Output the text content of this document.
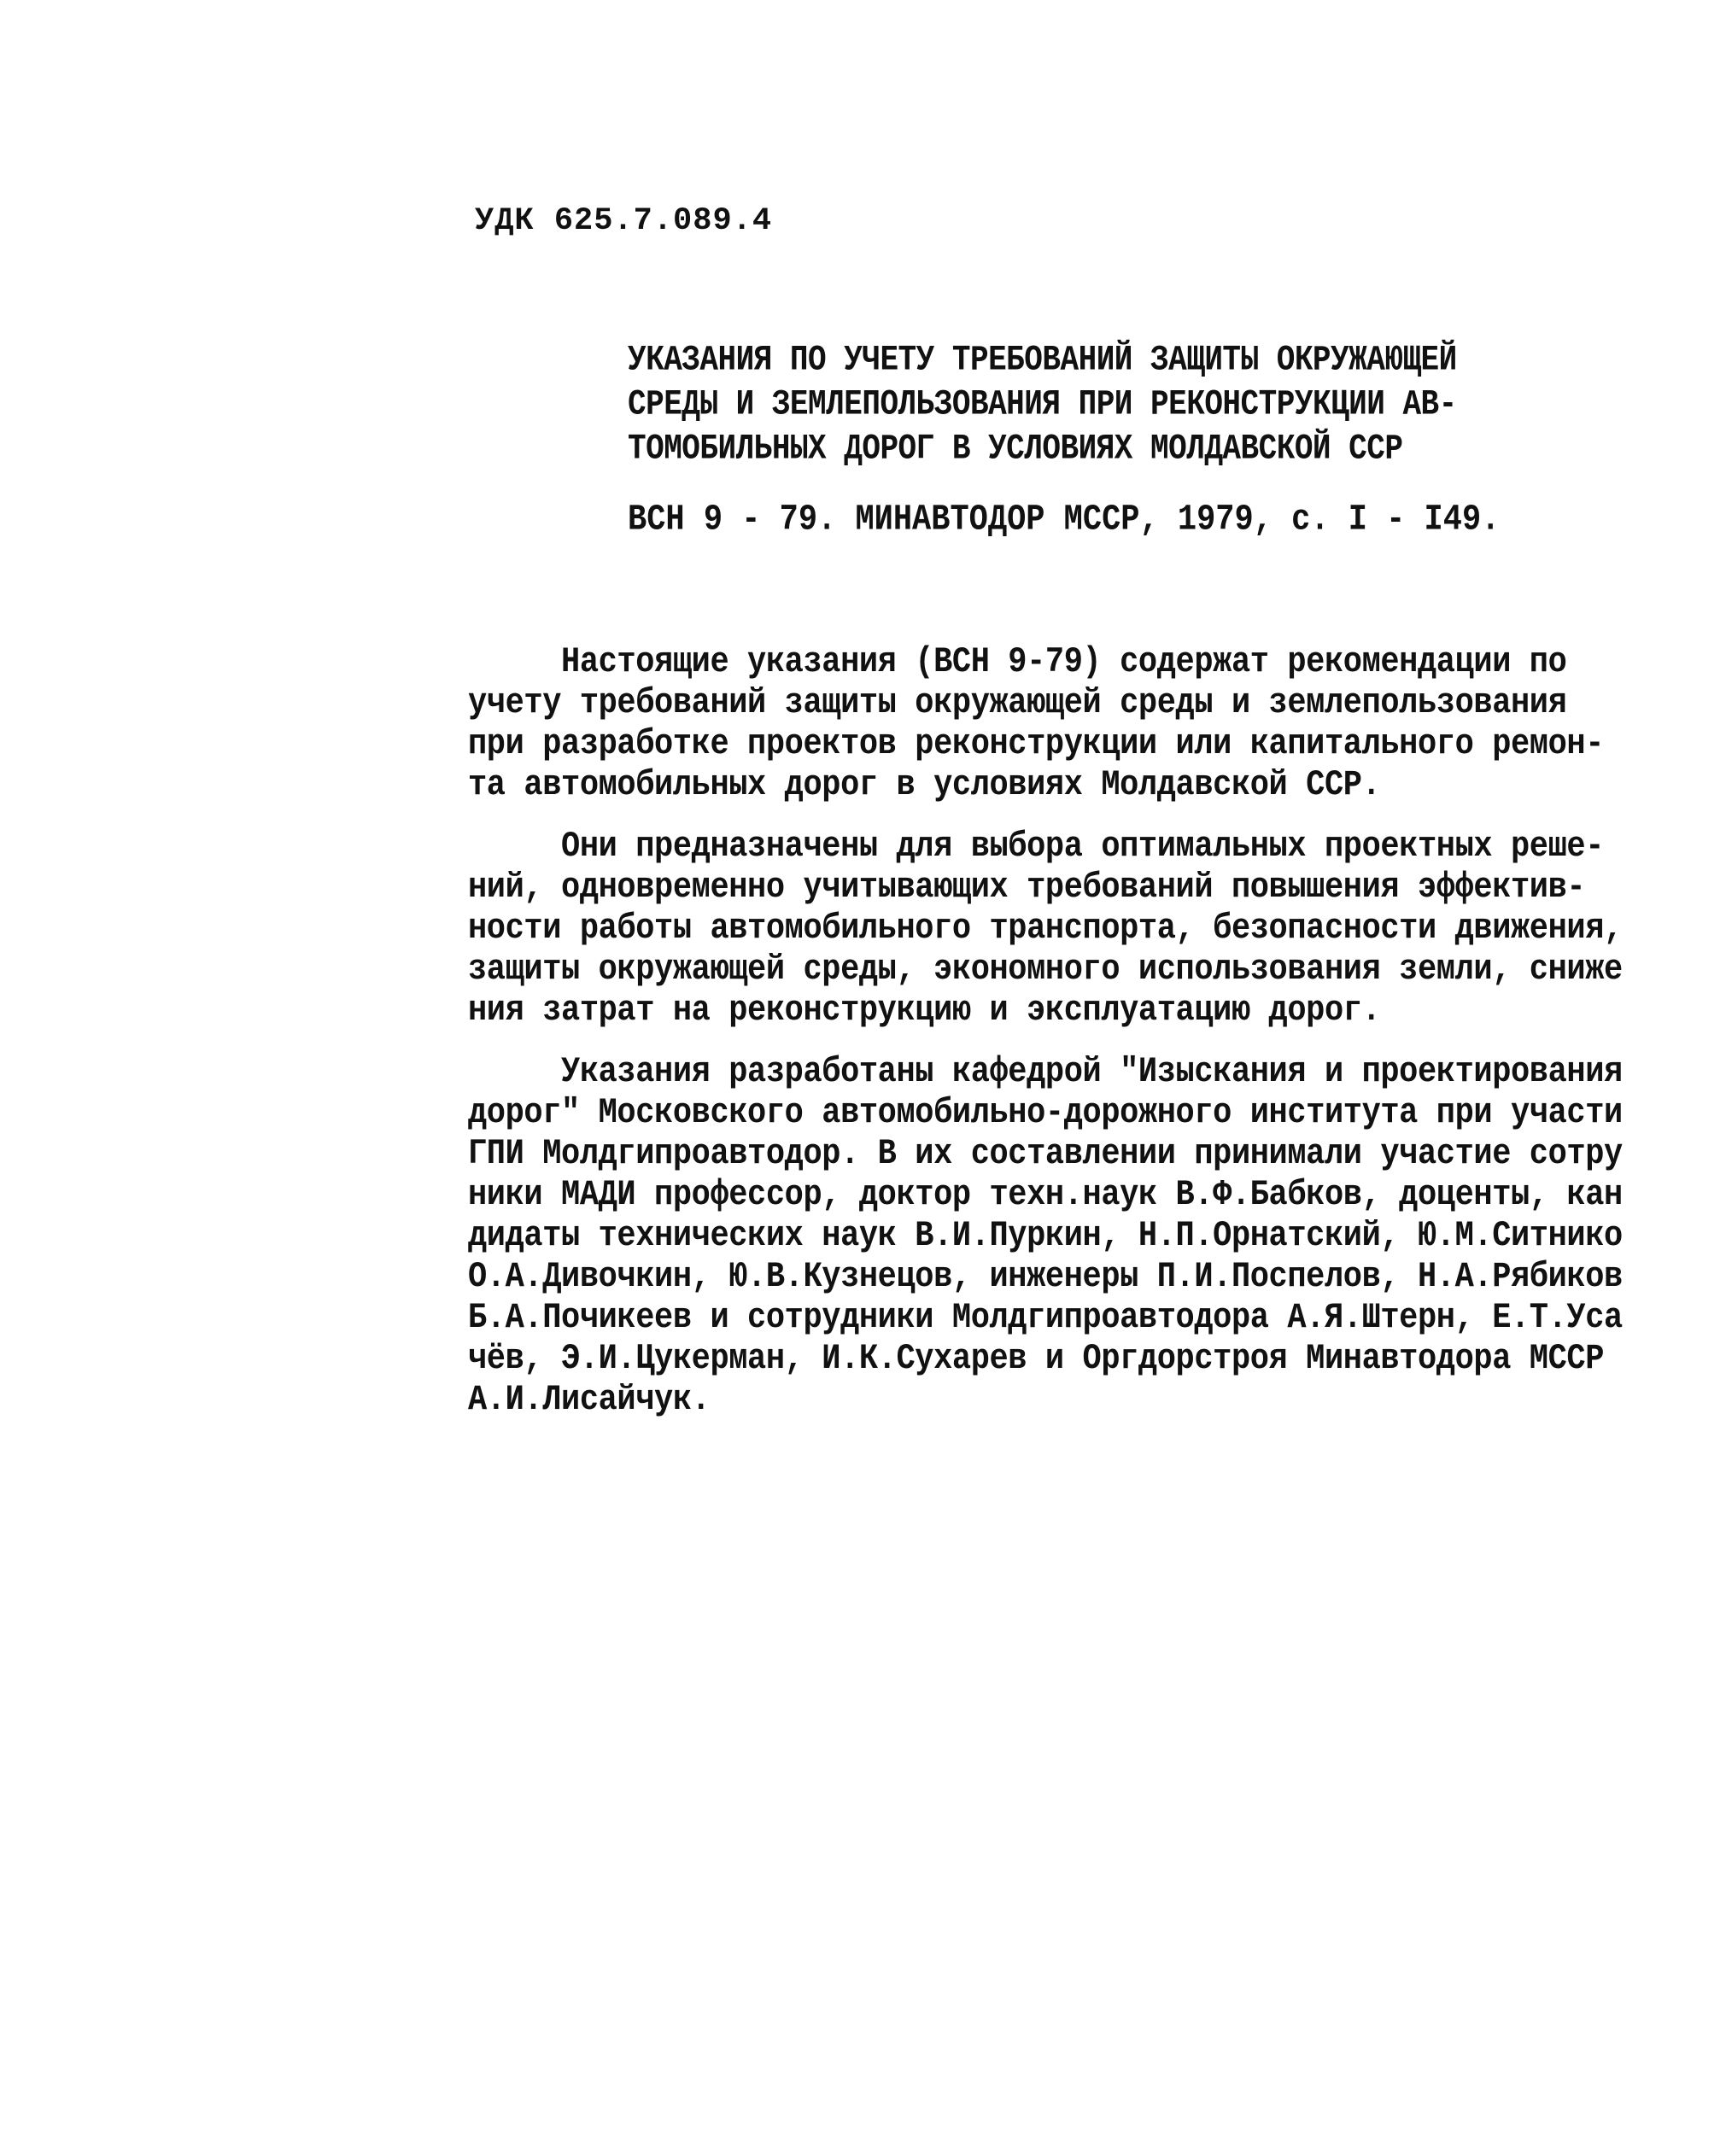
УДК 625.7.089.4
УКАЗАНИЯ ПО УЧЕТУ ТРЕБОВАНИЙ ЗАЩИТЫ ОКРУЖАЮЩЕЙ
СРЕДЫ И ЗЕМЛЕПОЛЬЗОВАНИЯ ПРИ РЕКОНСТРУКЦИИ АВ-
ТОМОБИЛЬНЫХ ДОРОГ В УСЛОВИЯХ МОЛДАВСКОЙ ССР
ВСН 9 - 79. МИНАВТОДОР МССР, 1979, с. I - I49.
Настоящие указания (ВСН 9-79) содержат рекомендации по
учету требований защиты окружающей среды и землепользования
при разработке проектов реконструкции или капитального ремон-
та автомобильных дорог в условиях Молдавской ССР.
Они предназначены для выбора оптимальных проектных реше-
ний, одновременно учитывающих требований повышения эффектив-
ности работы автомобильного транспорта, безопасности движения,
защиты окружающей среды, экономного использования земли, сниже
ния затрат на реконструкцию и эксплуатацию дорог.
Указания разработаны кафедрой "Изыскания и проектирования
дорог" Московского автомобильно-дорожного института при участи
ГПИ Молдгипроавтодор. В их составлении принимали участие сотру
ники МАДИ профессор, доктор техн.наук В.Ф.Бабков, доценты, кан
дидаты технических наук В.И.Пуркин, Н.П.Орнатский, Ю.М.Ситнико
О.А.Дивочкин, Ю.В.Кузнецов, инженеры П.И.Поспелов, Н.А.Рябиков
Б.А.Почикеев и сотрудники Молдгипроавтодора А.Я.Штерн, Е.Т.Уса
чёв, Э.И.Цукерман, И.К.Сухарев и Оргдорстроя Минавтодора МССР
А.И.Лисайчук.
